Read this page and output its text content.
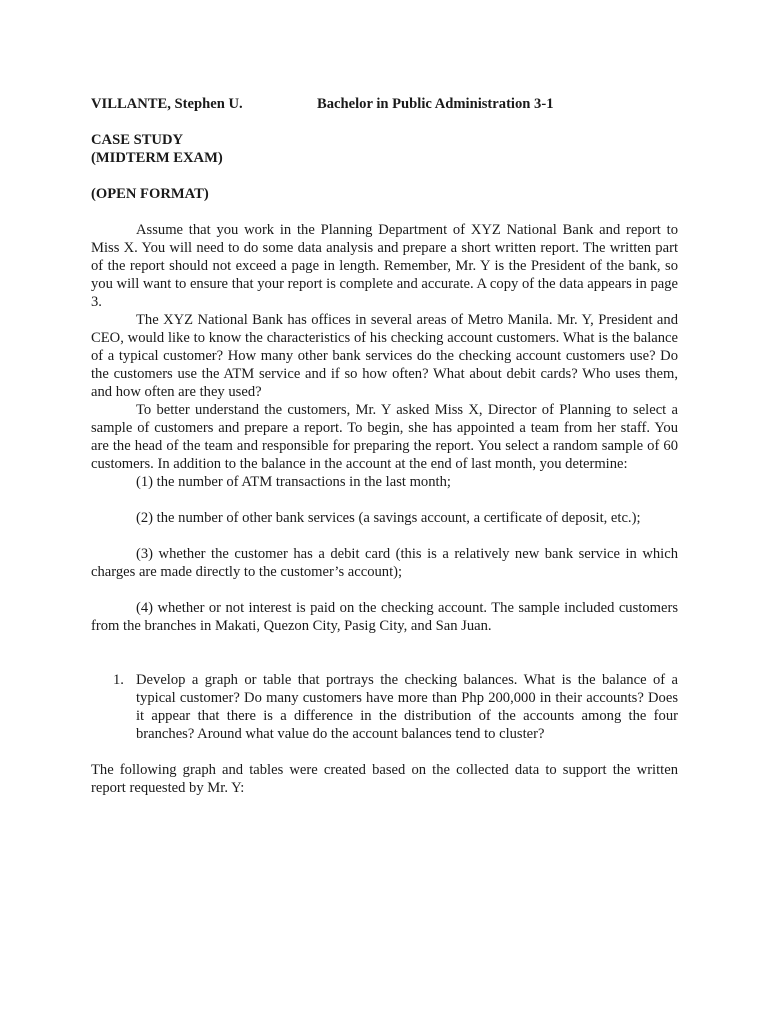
VILLANTE, Stephen U.	Bachelor in Public Administration 3-1
CASE STUDY
(MIDTERM EXAM)
(OPEN FORMAT)

Assume that you work in the Planning Department of XYZ National Bank and report to Miss X. You will need to do some data analysis and prepare a short written report. The written part of the report should not exceed a page in length. Remember, Mr. Y is the President of the bank, so you will want to ensure that your report is complete and accurate. A copy of the data appears in page 3.

The XYZ National Bank has offices in several areas of Metro Manila. Mr. Y, President and CEO, would like to know the characteristics of his checking account customers. What is the balance of a typical customer? How many other bank services do the checking account customers use? Do the customers use the ATM service and if so how often? What about debit cards? Who uses them, and how often are they used?

To better understand the customers, Mr. Y asked Miss X, Director of Planning to select a sample of customers and prepare a report. To begin, she has appointed a team from her staff. You are the head of the team and responsible for preparing the report. You select a random sample of 60 customers. In addition to the balance in the account at the end of last month, you determine:

(1) the number of ATM transactions in the last month;

(2) the number of other bank services (a savings account, a certificate of deposit, etc.);

(3) whether the customer has a debit card (this is a relatively new bank service in which charges are made directly to the customer’s account);

(4) whether or not interest is paid on the checking account. The sample included customers from the branches in Makati, Quezon City, Pasig City, and San Juan.

1. Develop a graph or table that portrays the checking balances. What is the balance of a typical customer? Do many customers have more than Php 200,000 in their accounts? Does it appear that there is a difference in the distribution of the accounts among the four branches? Around what value do the account balances tend to cluster?

The following graph and tables were created based on the collected data to support the written report requested by Mr. Y:
